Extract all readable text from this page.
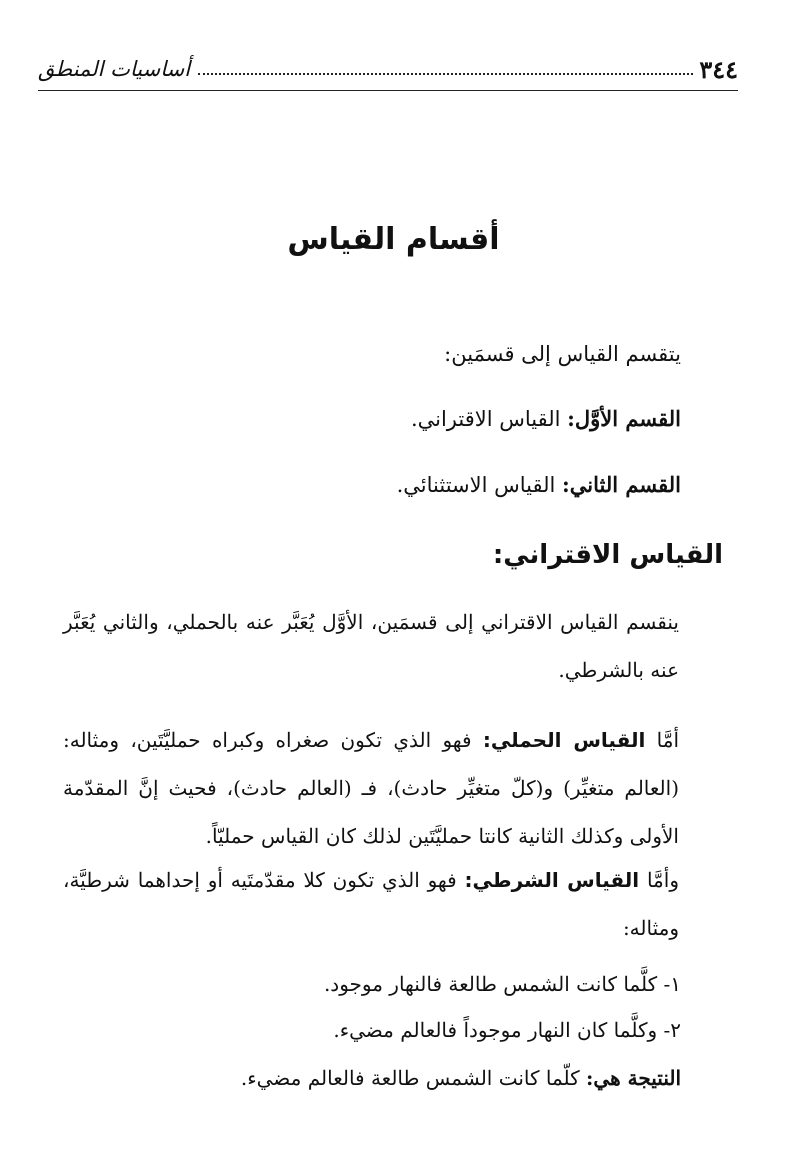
٣٤٤
أساسيات المنطق
أقسام القياس
يتقسم القياس إلى قسمَين:
القسم الأوَّل: القياس الاقتراني.
القسم الثاني: القياس الاستثنائي.
القياس الاقتراني:
ينقسم القياس الاقتراني إلى قسمَين، الأوَّل يُعَبَّر عنه بالحملي، والثاني يُعَبَّر عنه بالشرطي.
أمَّا القياس الحملي: فهو الذي تكون صغراه وكبراه حمليَّتَين، ومثاله: (العالم متغيِّر) و(كلّ متغيِّر حادث)، فـ (العالم حادث)، فحيث إنَّ المقدّمة الأولى وكذلك الثانية كانتا حمليَّتَين لذلك كان القياس حمليّاً.
وأمَّا القياس الشرطي: فهو الذي تكون كلا مقدّمتَيه أو إحداهما شرطيَّة، ومثاله:
١- كلَّما كانت الشمس طالعة فالنهار موجود.
٢- وكلَّما كان النهار موجوداً فالعالم مضيء.
النتيجة هي: كلّما كانت الشمس طالعة فالعالم مضيء.
